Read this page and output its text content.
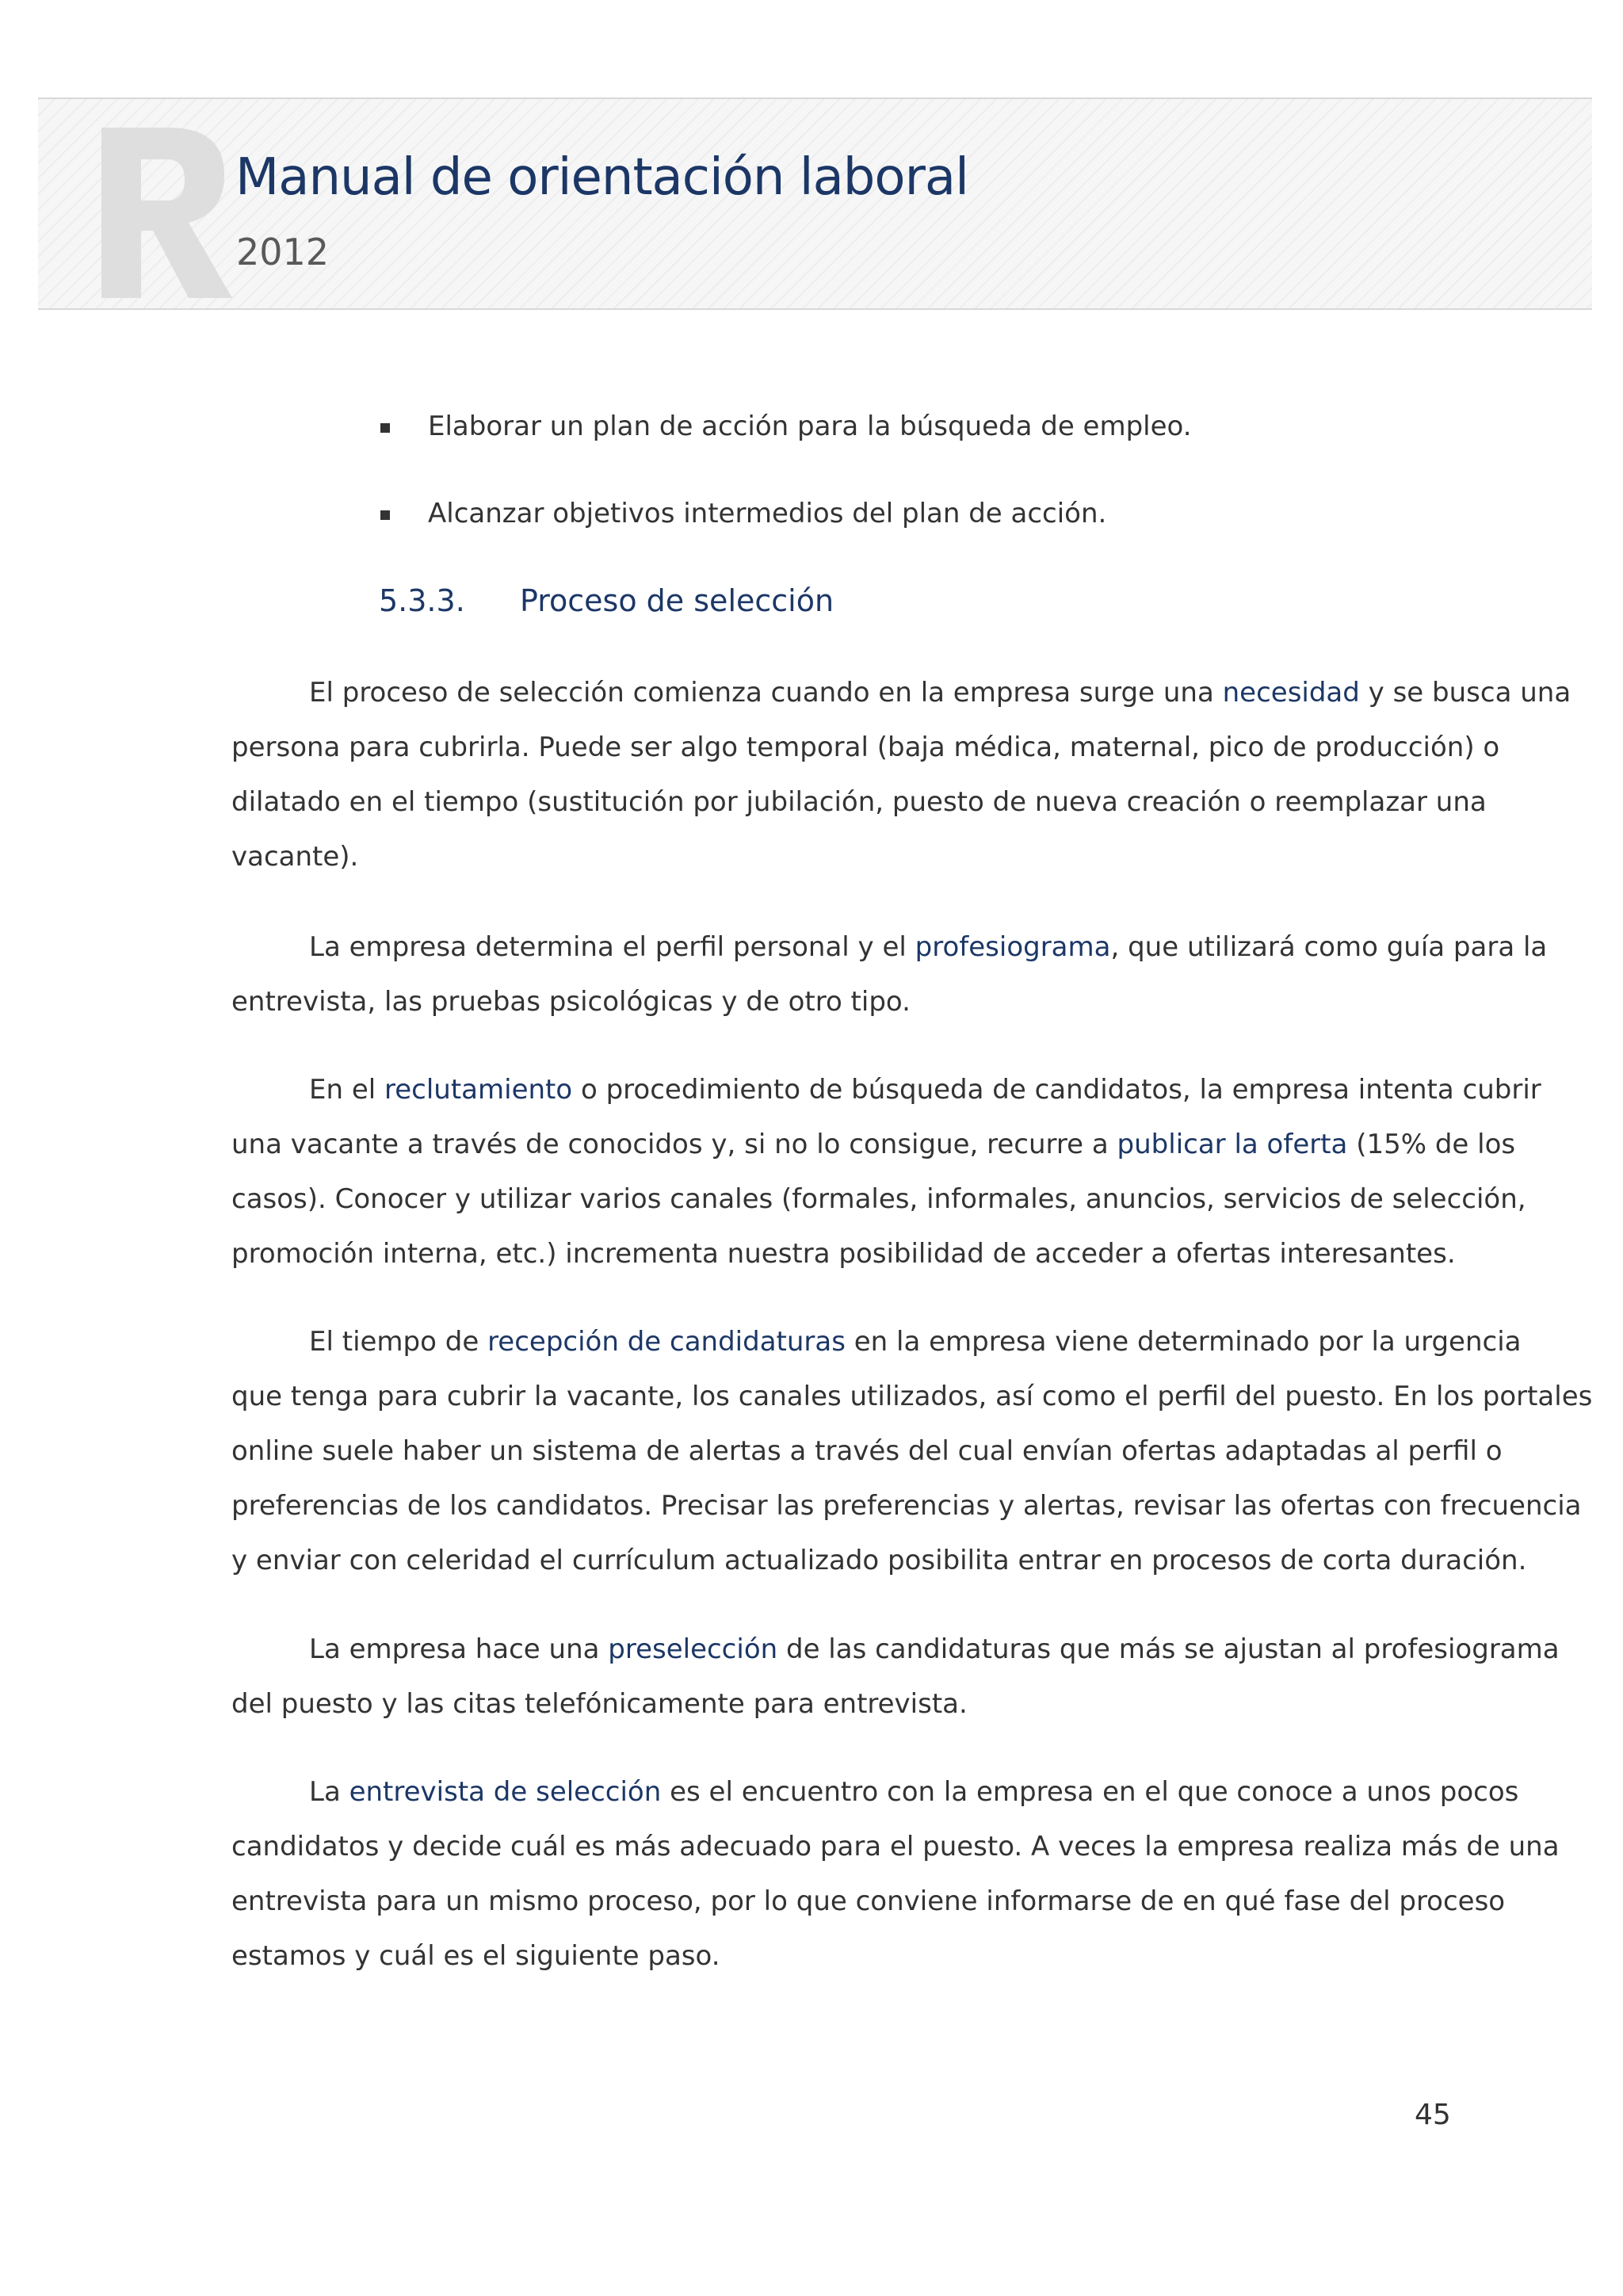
Manual de orientación laboral
2012
Elaborar un plan de acción para la búsqueda de empleo.
Alcanzar objetivos intermedios del plan de acción.
5.3.3. Proceso de selección
El proceso de selección comienza cuando en la empresa surge una necesidad y se busca una
persona para cubrirla. Puede ser algo temporal (baja médica, maternal, pico de producción) o
dilatado en el tiempo (sustitución por jubilación, puesto de nueva creación o reemplazar una
vacante).
La empresa determina el perfil personal y el profesiograma, que utilizará como guía para la
entrevista, las pruebas psicológicas y de otro tipo.
En el reclutamiento o procedimiento de búsqueda de candidatos, la empresa intenta cubrir
una vacante a través de conocidos y, si no lo consigue, recurre a publicar la oferta (15% de los
casos). Conocer y utilizar varios canales (formales, informales, anuncios, servicios de selección,
promoción interna, etc.) incrementa nuestra posibilidad de acceder a ofertas interesantes.
El tiempo de recepción de candidaturas en la empresa viene determinado por la urgencia
que tenga para cubrir la vacante, los canales utilizados, así como el perfil del puesto. En los portales
online suele haber un sistema de alertas a través del cual envían ofertas adaptadas al perfil o
preferencias de los candidatos. Precisar las preferencias y alertas, revisar las ofertas con frecuencia
y enviar con celeridad el currículum actualizado posibilita entrar en procesos de corta duración.
La empresa hace una preselección de las candidaturas que más se ajustan al profesiograma
del puesto y las citas telefónicamente para entrevista.
La entrevista de selección es el encuentro con la empresa en el que conoce a unos pocos
candidatos y decide cuál es más adecuado para el puesto. A veces la empresa realiza más de una
entrevista para un mismo proceso, por lo que conviene informarse de en qué fase del proceso
estamos y cuál es el siguiente paso.
45
